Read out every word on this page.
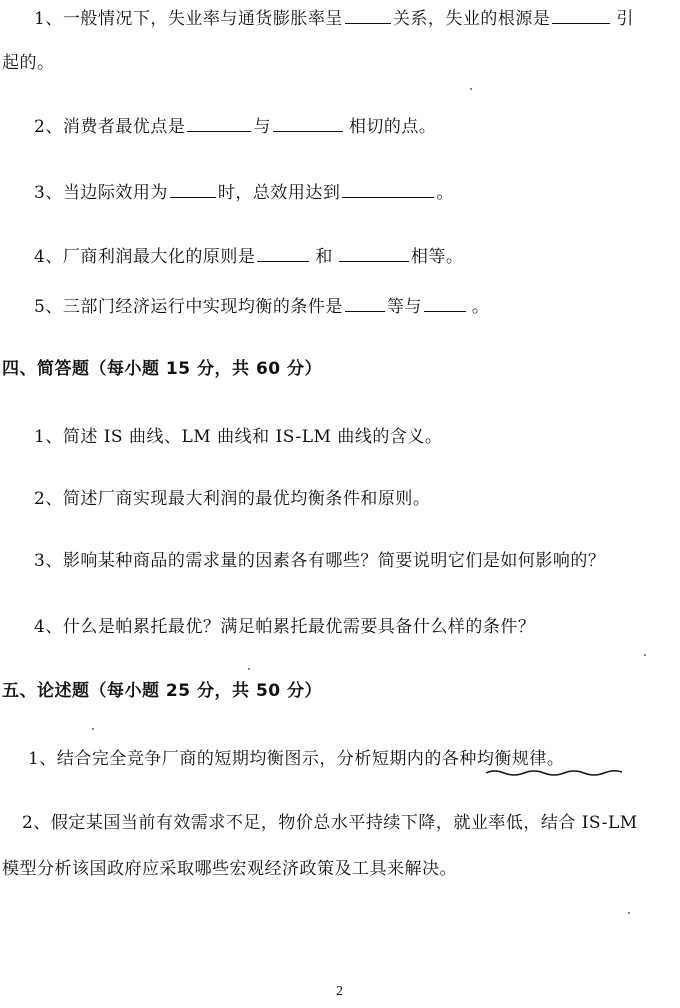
1、一般情况下，失业率与通货膨胀率呈	关系，失业的根源是	引
起的。
2、消费者最优点是	与	相切的点。
3、当边际效用为	时，总效用达到	。
4、厂商利润最大化的原则是	和	相等。
5、三部门经济运行中实现均衡的条件是	等与	。
四、简答题（每小题 15 分，共 60 分）
1、简述 IS 曲线、LM 曲线和 IS-LM 曲线的含义。
2、简述厂商实现最大利润的最优均衡条件和原则。
3、影响某种商品的需求量的因素各有哪些？简要说明它们是如何影响的？
4、什么是帕累托最优？满足帕累托最优需要具备什么样的条件？
五、论述题（每小题 25 分，共 50 分）
1、结合完全竞争厂商的短期均衡图示，分析短期内的各种均衡规律。
2、假定某国当前有效需求不足，物价总水平持续下降，就业率低，结合 IS-LM
模型分析该国政府应采取哪些宏观经济政策及工具来解决。
2
